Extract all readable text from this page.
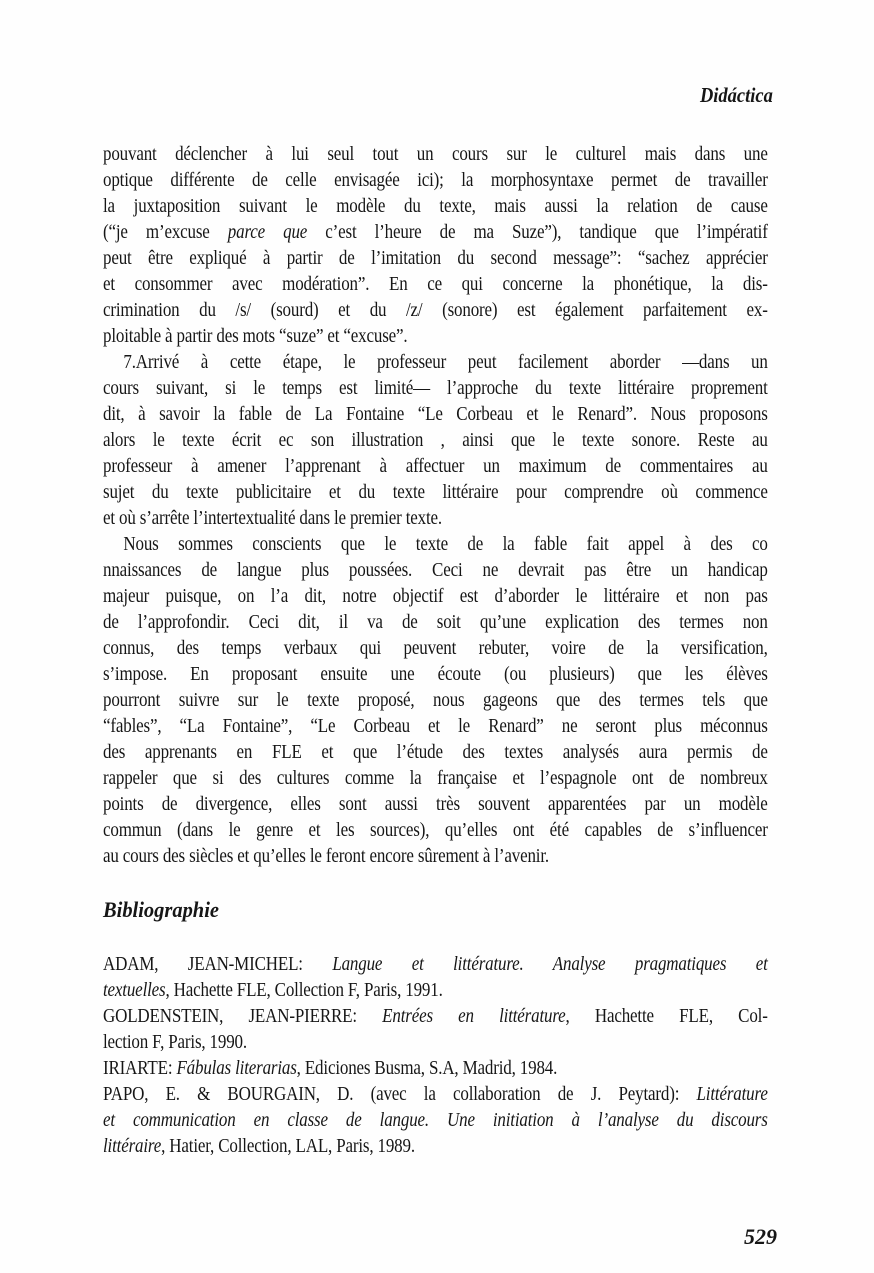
Didáctica
pouvant déclencher à lui seul tout un cours sur le culturel mais dans une
optique différente de celle envisagée ici); la morphosyntaxe permet de travailler
la juxtaposition suivant le modèle du texte, mais aussi la relation de cause
(“je m’excuse parce que c’est l’heure de ma Suze”), tandique que l’impératif
peut être expliqué à partir de l’imitation du second message”: “sachez apprécier
et consommer avec modération”. En ce qui concerne la phonétique, la dis-
crimination du /s/ (sourd) et du /z/ (sonore) est également parfaitement ex-
ploitable à partir des mots “suze” et “excuse”.
7.Arrivé à cette étape, le professeur peut facilement aborder —dans un
cours suivant, si le temps est limité— l’approche du texte littéraire proprement
dit, à savoir la fable de La Fontaine “Le Corbeau et le Renard”. Nous proposons
alors le texte écrit ec son illustration , ainsi que le texte sonore. Reste au
professeur à amener l’apprenant à affectuer un maximum de commentaires au
sujet du texte publicitaire et du texte littéraire pour comprendre où commence
et où s’arrête l’intertextualité dans le premier texte.
Nous sommes conscients que le texte de la fable fait appel à des co
nnaissances de langue plus poussées. Ceci ne devrait pas être un handicap
majeur puisque, on l’a dit, notre objectif est d’aborder le littéraire et non pas
de l’approfondir. Ceci dit, il va de soit qu’une explication des termes non
connus, des temps verbaux qui peuvent rebuter, voire de la versification,
s’impose. En proposant ensuite une écoute (ou plusieurs) que les élèves
pourront suivre sur le texte proposé, nous gageons que des termes tels que
“fables”, “La Fontaine”, “Le Corbeau et le Renard” ne seront plus méconnus
des apprenants en FLE et que l’étude des textes analysés aura permis de
rappeler que si des cultures comme la française et l’espagnole ont de nombreux
points de divergence, elles sont aussi très souvent apparentées par un modèle
commun (dans le genre et les sources), qu’elles ont été capables de s’influencer
au cours des siècles et qu’elles le feront encore sûrement à l’avenir.
Bibliographie
ADAM, JEAN-MICHEL: Langue et littérature. Analyse pragmatiques et
textuelles, Hachette FLE, Collection F, Paris, 1991.
GOLDENSTEIN, JEAN-PIERRE: Entrées en littérature, Hachette FLE, Col-
lection F, Paris, 1990.
IRIARTE: Fábulas literarias, Ediciones Busma, S.A, Madrid, 1984.
PAPO, E. & BOURGAIN, D. (avec la collaboration de J. Peytard): Littérature
et communication en classe de langue. Une initiation à l’analyse du discours
littéraire, Hatier, Collection, LAL, Paris, 1989.
529
